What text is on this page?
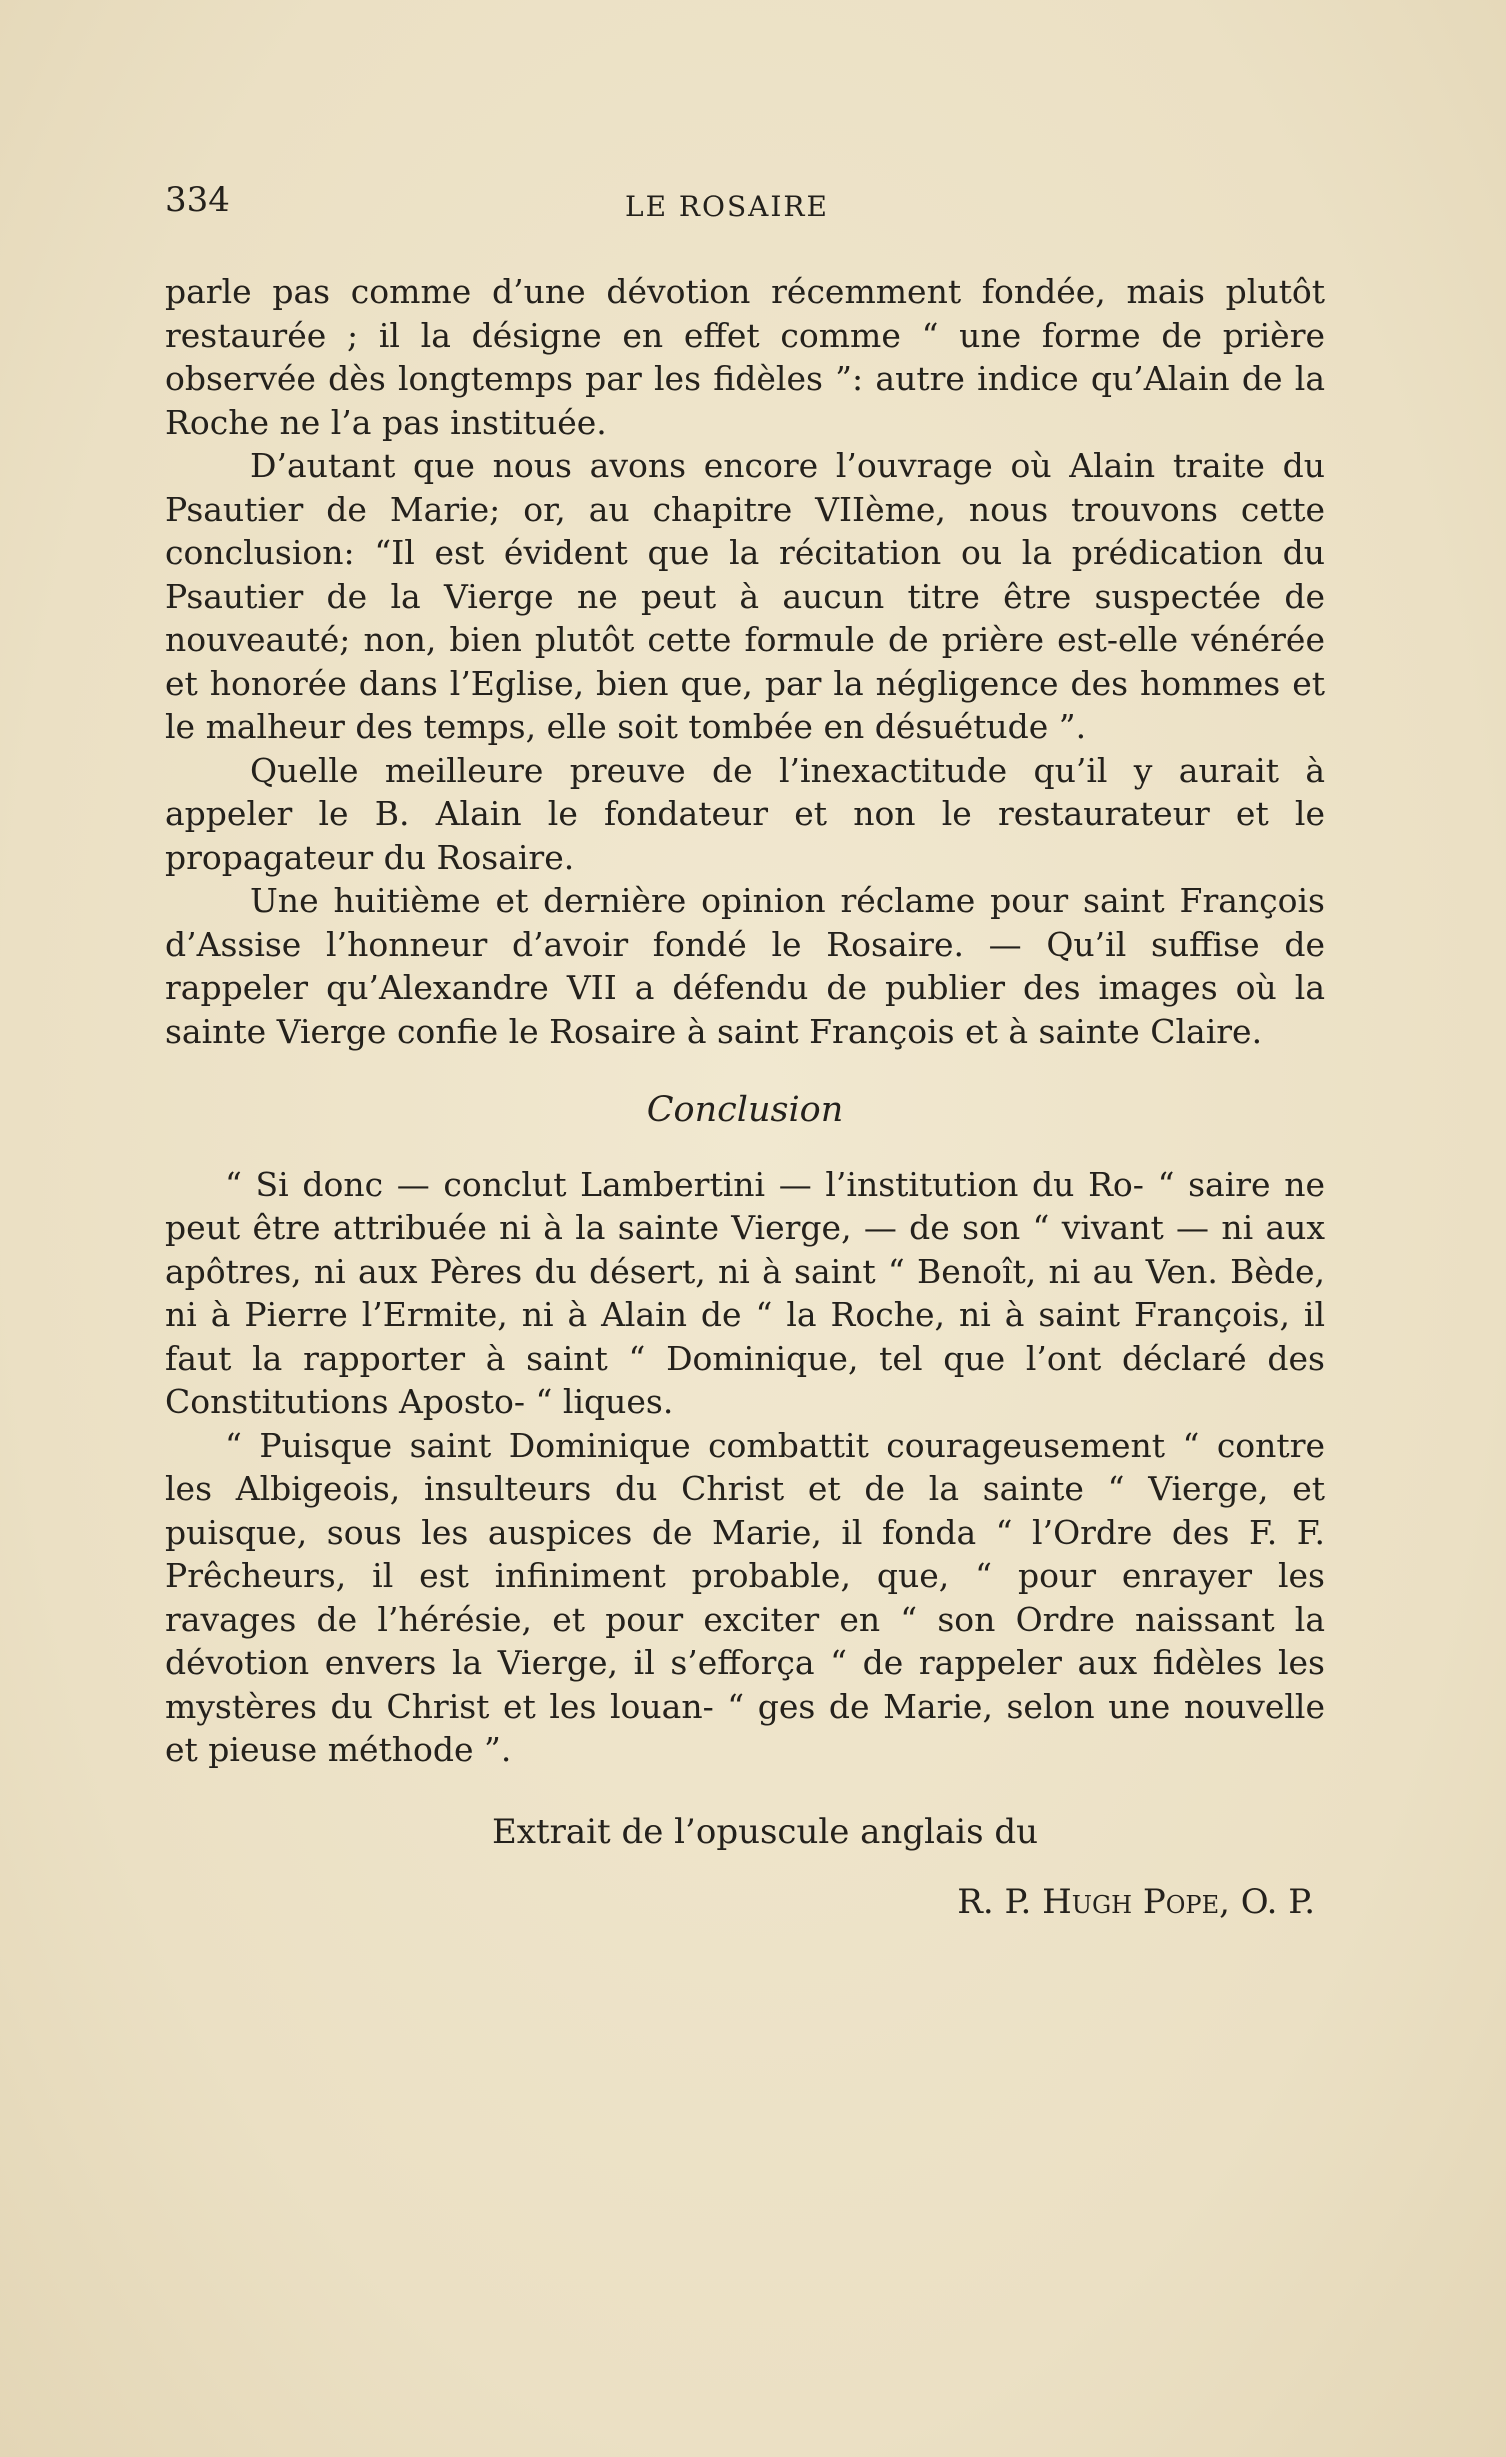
334	LE ROSAIRE

parle pas comme d’une dévotion récemment fondée, mais plutôt restaurée ; il la désigne en effet comme “ une forme de prière observée dès longtemps par les fidèles ”: autre indice qu’Alain de la Roche ne l’a pas instituée.

D’autant que nous avons encore l’ouvrage où Alain traite du Psautier de Marie; or, au chapitre VIIème, nous trouvons cette conclusion: “Il est évident que la récitation ou la prédication du Psautier de la Vierge ne peut à aucun titre être suspectée de nouveauté; non, bien plutôt cette formule de prière est-elle vénérée et honorée dans l’Eglise, bien que, par la négligence des hommes et le malheur des temps, elle soit tombée en désuétude ”.

Quelle meilleure preuve de l’inexactitude qu’il y aurait à appeler le B. Alain le fondateur et non le restaurateur et le propagateur du Rosaire.

Une huitième et dernière opinion réclame pour saint François d’Assise l’honneur d’avoir fondé le Rosaire. — Qu’il suffise de rappeler qu’Alexandre VII a défendu de publier des images où la sainte Vierge confie le Rosaire à saint François et à sainte Claire.

Conclusion

“ Si donc — conclut Lambertini — l’institution du Ro- “ saire ne peut être attribuée ni à la sainte Vierge, — de son “ vivant — ni aux apôtres, ni aux Pères du désert, ni à saint “ Benoît, ni au Ven. Bède, ni à Pierre l’Ermite, ni à Alain de “ la Roche, ni à saint François, il faut la rapporter à saint “ Dominique, tel que l’ont déclaré des Constitutions Aposto- “ liques.

“ Puisque saint Dominique combattit courageusement “ contre les Albigeois, insulteurs du Christ et de la sainte “ Vierge, et puisque, sous les auspices de Marie, il fonda “ l’Ordre des F. F. Prêcheurs, il est infiniment probable, que, “ pour enrayer les ravages de l’hérésie, et pour exciter en “ son Ordre naissant la dévotion envers la Vierge, il s’efforça “ de rappeler aux fidèles les mystères du Christ et les louan- “ ges de Marie, selon une nouvelle et pieuse méthode ”.

Extrait de l’opuscule anglais du
R. P. Hugh Pope, O. P.
